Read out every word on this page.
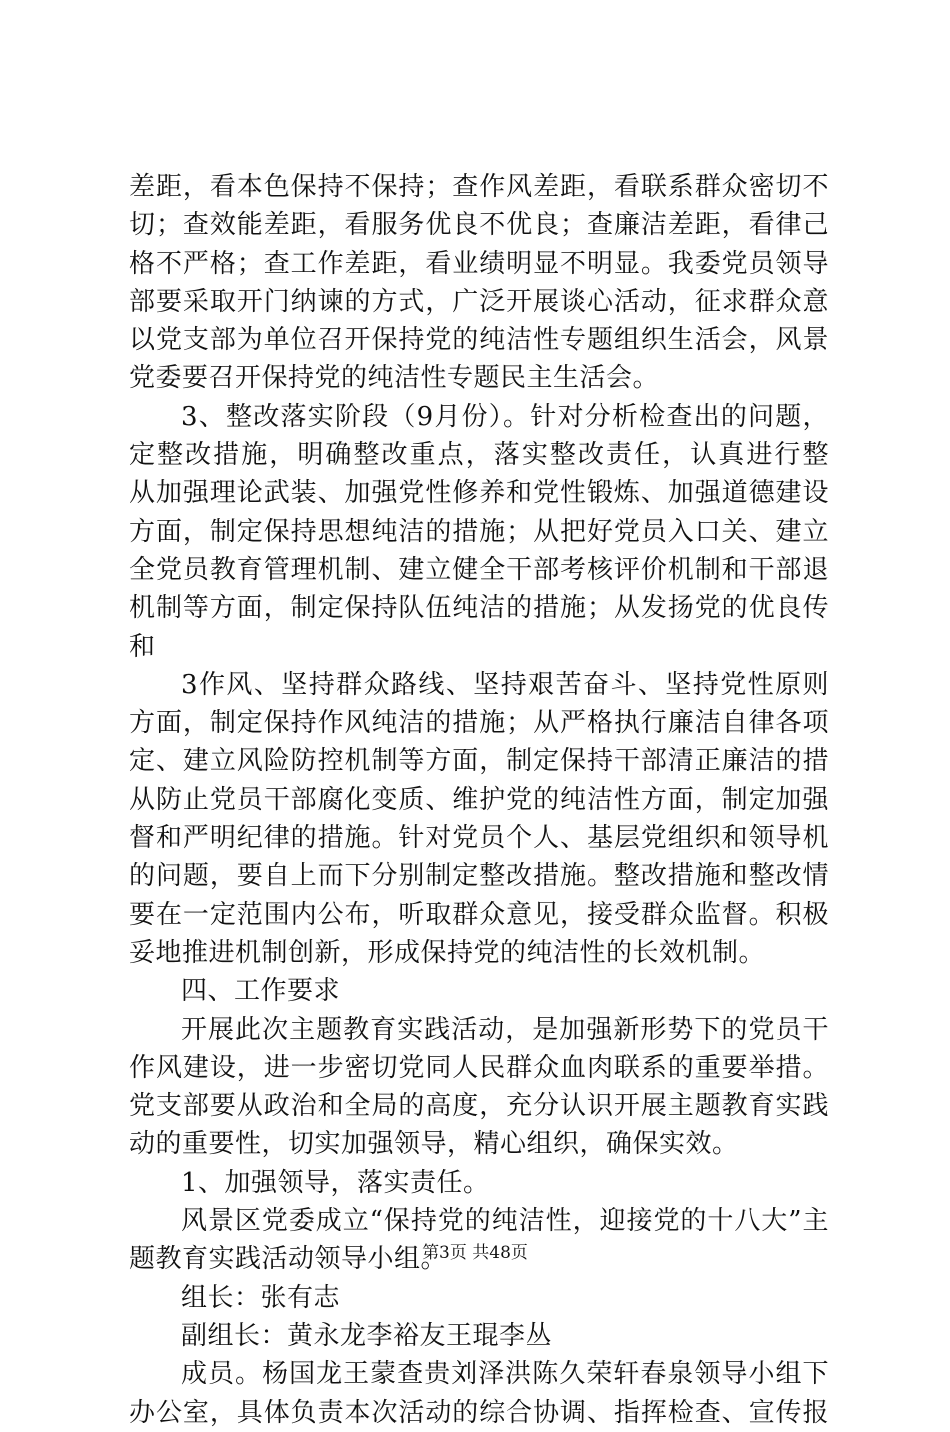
差距，看本色保持不保持；查作风差距，看联系群众密切不
切；查效能差距，看服务优良不优良；查廉洁差距，看律己
格不严格；查工作差距，看业绩明显不明显。我委党员领导
部要采取开门纳谏的方式，广泛开展谈心活动，征求群众意
以党支部为单位召开保持党的纯洁性专题组织生活会，风景
党委要召开保持党的纯洁性专题民主生活会。
3、整改落实阶段（9月份）。针对分析检查出的问题，
定整改措施，明确整改重点，落实整改责任，认真进行整
从加强理论武装、加强党性修养和党性锻炼、加强道德建设
方面，制定保持思想纯洁的措施；从把好党员入口关、建立
全党员教育管理机制、建立健全干部考核评价机制和干部退
机制等方面，制定保持队伍纯洁的措施；从发扬党的优良传
和
3作风、坚持群众路线、坚持艰苦奋斗、坚持党性原则
方面，制定保持作风纯洁的措施；从严格执行廉洁自律各项
定、建立风险防控机制等方面，制定保持干部清正廉洁的措
从防止党员干部腐化变质、维护党的纯洁性方面，制定加强
督和严明纪律的措施。针对党员个人、基层党组织和领导机
的问题，要自上而下分别制定整改措施。整改措施和整改情
要在一定范围内公布，听取群众意见，接受群众监督。积极
妥地推进机制创新，形成保持党的纯洁性的长效机制。
四、工作要求
开展此次主题教育实践活动，是加强新形势下的党员干
作风建设，进一步密切党同人民群众血肉联系的重要举措。
党支部要从政治和全局的高度，充分认识开展主题教育实践
动的重要性，切实加强领导，精心组织，确保实效。
1、加强领导，落实责任。
风景区党委成立“保持党的纯洁性，迎接党的十八大”主
题教育实践活动领导小组。
组长：张有志
副组长：黄永龙李裕友王琨李丛
成员。杨国龙王蒙查贵刘泽洪陈久荣轩春泉领导小组下
办公室，具体负责本次活动的综合协调、指挥检查、宣传报
第3页 共48页
